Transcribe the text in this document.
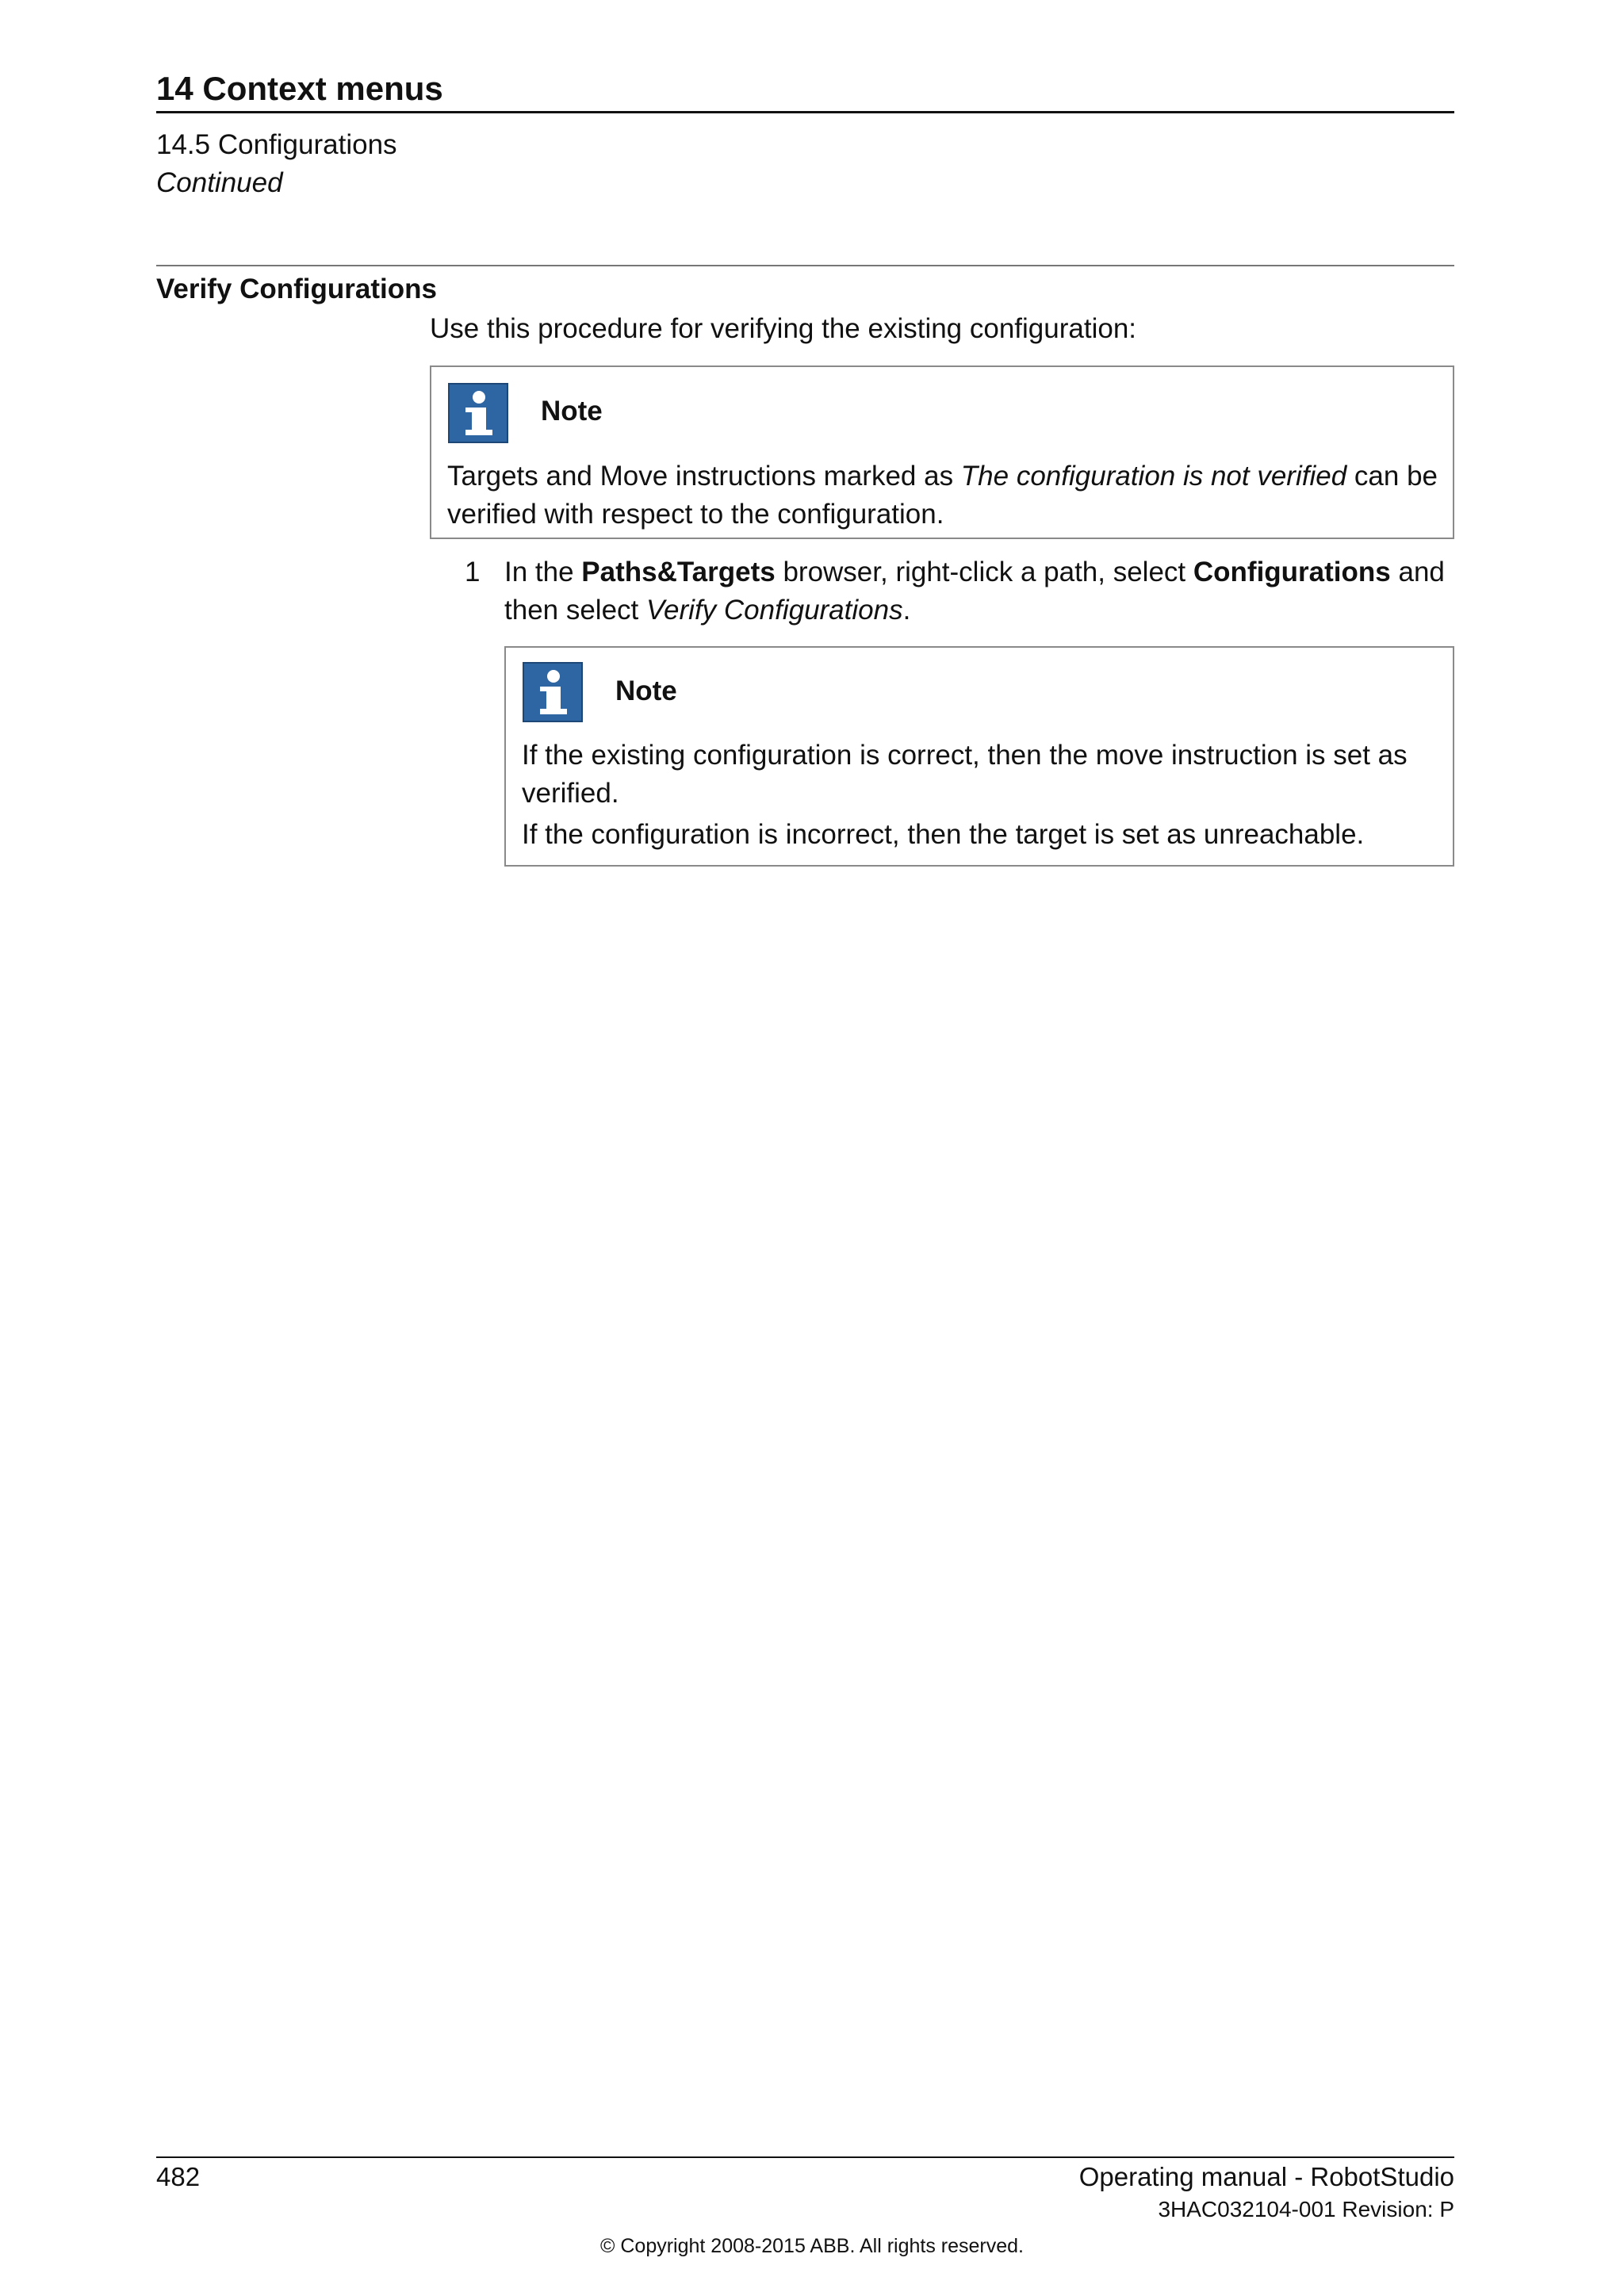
14 Context menus
14.5 Configurations
Continued
Verify Configurations
Use this procedure for verifying the existing configuration:
Note
Targets and Move instructions marked as The configuration is not verified can be verified with respect to the configuration.
1 In the Paths&Targets browser, right-click a path, select Configurations and then select Verify Configurations.
Note
If the existing configuration is correct, then the move instruction is set as verified.
If the configuration is incorrect, then the target is set as unreachable.
482	Operating manual - RobotStudio
3HAC032104-001 Revision: P
© Copyright 2008-2015 ABB. All rights reserved.
